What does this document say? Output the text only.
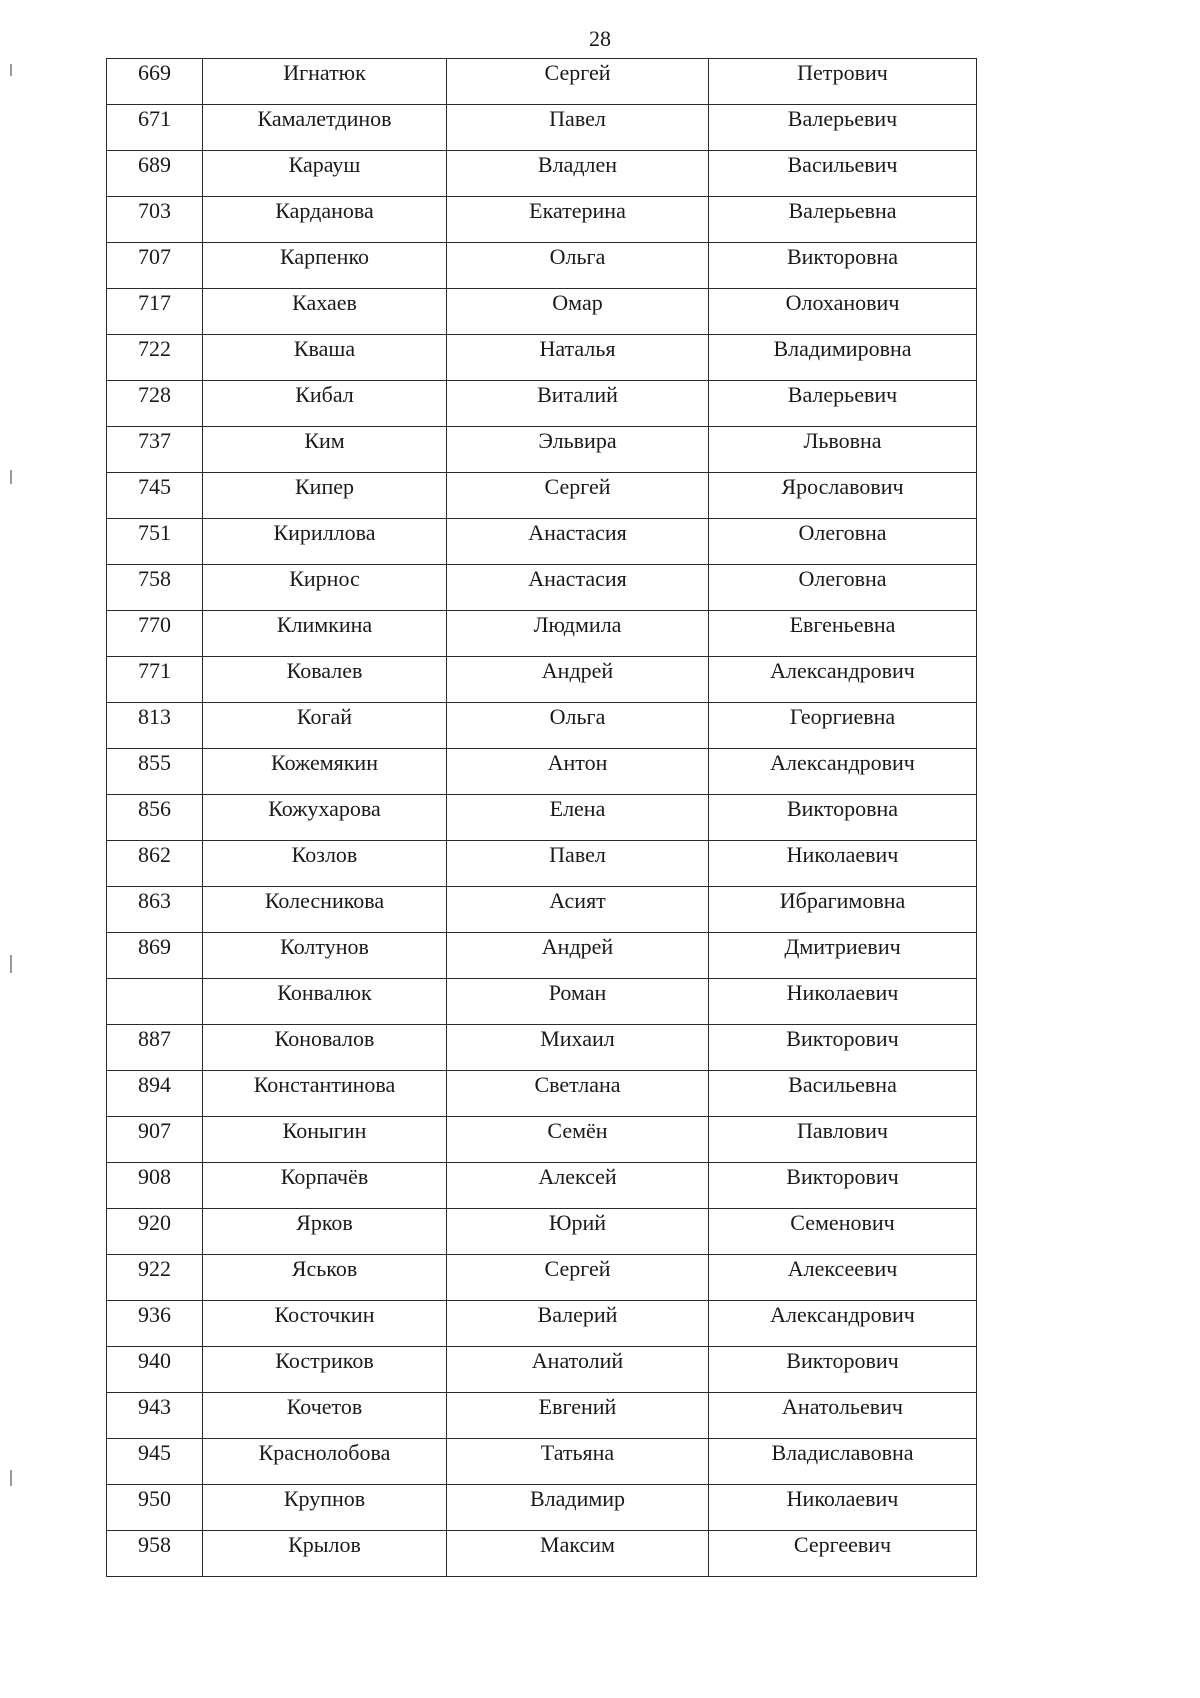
28
669	Игнатюк	Сергей	Петрович
671	Камалетдинов	Павел	Валерьевич
689	Карауш	Владлен	Васильевич
703	Карданова	Екатерина	Валерьевна
707	Карпенко	Ольга	Викторовна
717	Кахаев	Омар	Олоханович
722	Кваша	Наталья	Владимировна
728	Кибал	Виталий	Валерьевич
737	Ким	Эльвира	Львовна
745	Кипер	Сергей	Ярославович
751	Кириллова	Анастасия	Олеговна
758	Кирнос	Анастасия	Олеговна
770	Климкина	Людмила	Евгеньевна
771	Ковалев	Андрей	Александрович
813	Когай	Ольга	Георгиевна
855	Кожемякин	Антон	Александрович
856	Кожухарова	Елена	Викторовна
862	Козлов	Павел	Николаевич
863	Колесникова	Асият	Ибрагимовна
869	Колтунов	Андрей	Дмитриевич
	Конвалюк	Роман	Николаевич
887	Коновалов	Михаил	Викторович
894	Константинова	Светлана	Васильевна
907	Коныгин	Семён	Павлович
908	Корпачёв	Алексей	Викторович
920	Ярков	Юрий	Семенович
922	Яськов	Сергей	Алексеевич
936	Косточкин	Валерий	Александрович
940	Костриков	Анатолий	Викторович
943	Кочетов	Евгений	Анатольевич
945	Краснолобова	Татьяна	Владиславовна
950	Крупнов	Владимир	Николаевич
958	Крылов	Максим	Сергеевич
